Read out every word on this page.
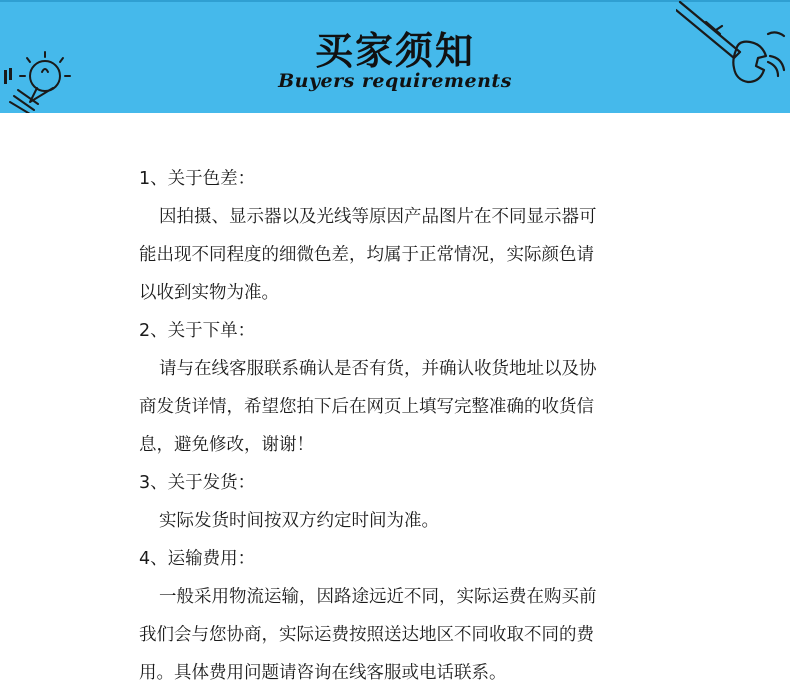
买家须知
Buyers requirements
1、关于色差：
因拍摄、显示器以及光线等原因产品图片在不同显示器可
能出现不同程度的细微色差，均属于正常情况，实际颜色请
以收到实物为准。
2、关于下单：
请与在线客服联系确认是否有货，并确认收货地址以及协
商发货详情，希望您拍下后在网页上填写完整准确的收货信
息，避免修改，谢谢！
3、关于发货：
实际发货时间按双方约定时间为准。
4、运输费用：
一般采用物流运输，因路途远近不同，实际运费在购买前
我们会与您协商，实际运费按照送达地区不同收取不同的费
用。具体费用问题请咨询在线客服或电话联系。
